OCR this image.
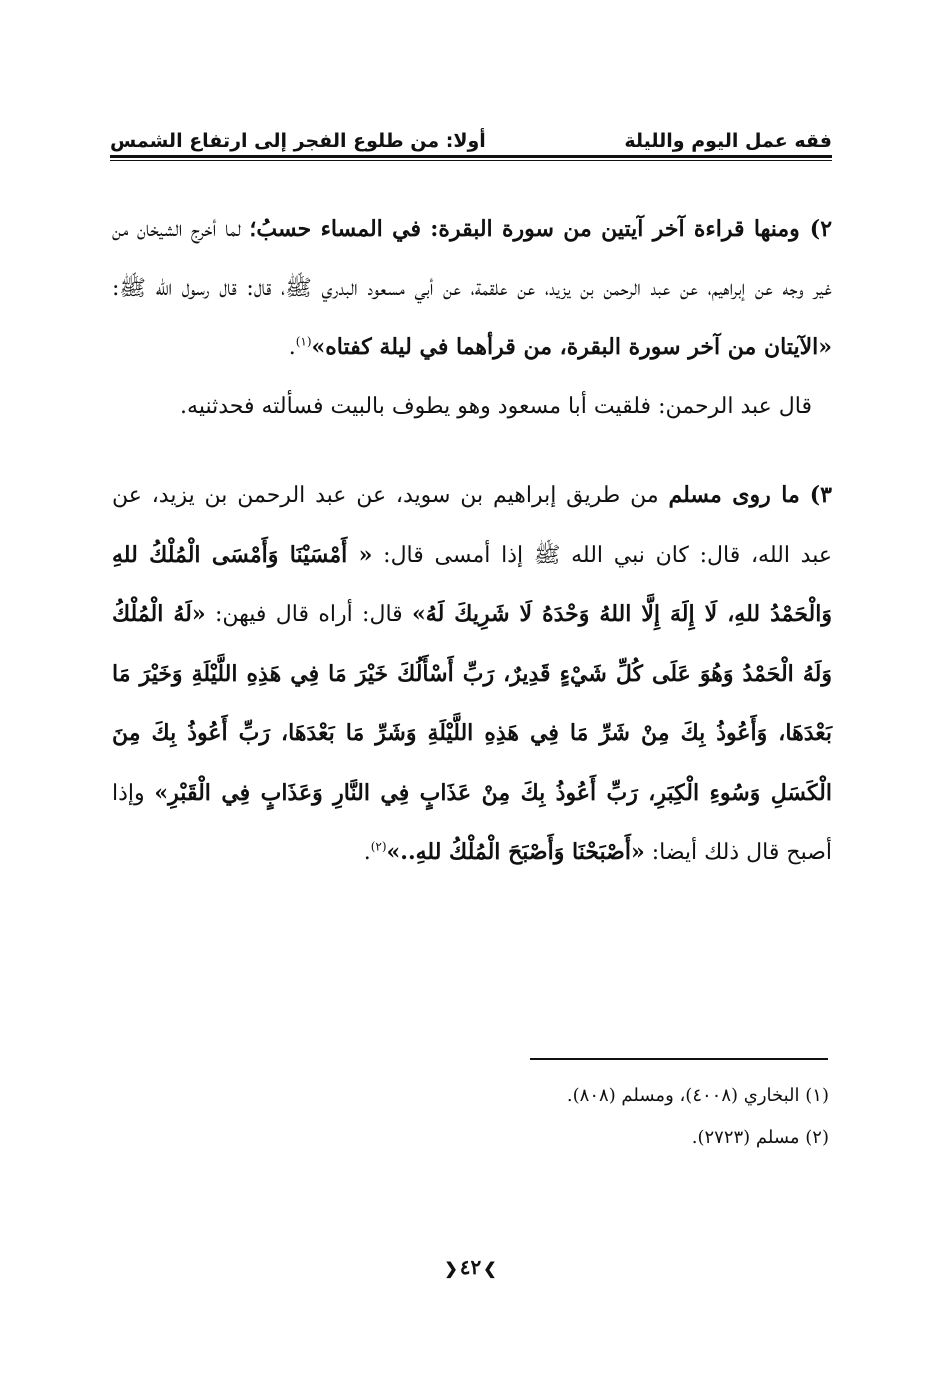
فقه عمل اليوم والليلة
أولا: من طلوع الفجر إلى ارتفاع الشمس

٢)ومنها قراءة آخر آيتين من سورة البقرة: في المساء حسبُ؛ لما أخرج الشيخان من غير وجه عن إبراهيم، عن عبد الرحمن بن يزيد، عن علقمة، عن أبي مسعود البدري ﷺ، قال: قال رسول الله ﷺ: «الآيتان من آخر سورة البقرة، من قرأهما في ليلة كفتاه»$^{(١)}$.

قال عبد الرحمن: فلقيت أبا مسعود وهو يطوف بالبيت فسألته فحدثنيه.

٣)ما روى مسلم من طريق إبراهيم بن سويد، عن عبد الرحمن بن يزيد، عن عبد الله، قال: كان نبي الله ﷺ إذا أمسى قال: « أَمْسَيْنَا وَأَمْسَى الْمُلْكُ للهِ وَالْحَمْدُ للهِ، لَا إِلَهَ إِلَّا اللهُ وَحْدَهُ لَا شَرِيكَ لَهُ» قال: أراه قال فيهن: «لَهُ الْمُلْكُ وَلَهُ الْحَمْدُ وَهُوَ عَلَى كُلِّ شَيْءٍ قَدِيرٌ، رَبِّ أَسْأَلُكَ خَيْرَ مَا فِي هَذِهِ اللَّيْلَةِ وَخَيْرَ مَا بَعْدَهَا، وَأَعُوذُ بِكَ مِنْ شَرِّ مَا فِي هَذِهِ اللَّيْلَةِ وَشَرِّ مَا بَعْدَهَا، رَبِّ أَعُوذُ بِكَ مِنَ الْكَسَلِ وَسُوءِ الْكِبَرِ، رَبِّ أَعُوذُ بِكَ مِنْ عَذَابٍ فِي النَّارِ وَعَذَابٍ فِي الْقَبْرِ» وإذا أصبح قال ذلك أيضا: «أَصْبَحْنَا وَأَصْبَحَ الْمُلْكُ للهِ..»$^{(٢)}$.

(١) البخاري (٤٠٠٨)، ومسلم (٨٠٨).

(٢) مسلم (٢٧٢٣).

❯٤٢❮
